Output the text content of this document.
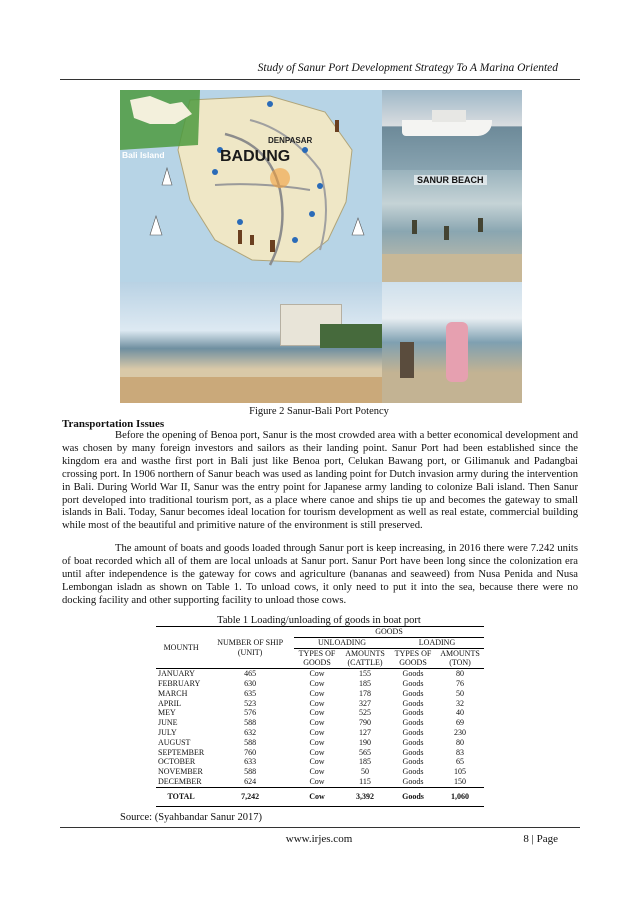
Study of Sanur Port Development Strategy To A Marina Oriented
BADUNG
Bali Island
DENPASAR
SANUR BEACH
Figure 2 Sanur-Bali Port Potency
Transportation Issues

Before the opening of Benoa port, Sanur is the most crowded area with a better economical development and was chosen by many foreign investors and sailors as their landing point. Sanur Port had been established since the kingdom era and wasthe first port in Bali just like Benoa port, Celukan Bawang port, or Gilimanuk and Padangbai crossing port. In 1906 northern of Sanur beach was used as landing point for Dutch invasion army during the intervention in Bali. During World War II, Sanur was the entry point for Japanese army landing to colonize Bali island. Then Sanur port developed into traditional tourism port, as a place where canoe and ships tie up and becomes the gateway to small islands in Bali. Today, Sanur becomes ideal location for tourism development as well as real estate, commercial building while most of the beautiful and primitive nature of the environment is still preserved.

The amount of boats and goods loaded through Sanur port is keep increasing, in 2016 there were 7.242 units of boat recorded which all of them are local unloads at Sanur port. Sanur Port have been long since the colonization era until after independence is the gateway for cows and agriculture (bananas and seaweed) from Nusa Penida and Nusa Lembongan isladn as shown on Table 1. To unload cows, it only need to put it into the sea, because there were no docking facility and other supporting facility to unload those cows.

Table 1 Loading/unloading of goods in boat port
MOUNTH	NUMBER OF SHIP (UNIT)	GOODS			
		UNLOADING		LOADING	
		TYPES OF GOODS	AMOUNTS (CATTLE)	TYPES OF GOODS	AMOUNTS (TON)
JANUARY	465	Cow	155	Goods	80
FEBRUARY	630	Cow	185	Goods	76
MARCH	635	Cow	178	Goods	50
APRIL	523	Cow	327	Goods	32
MEY	576	Cow	525	Goods	40
JUNE	588	Cow	790	Goods	69
JULY	632	Cow	127	Goods	230
AUGUST	588	Cow	190	Goods	80
SEPTEMBER	760	Cow	565	Goods	83
OCTOBER	633	Cow	185	Goods	65
NOVEMBER	588	Cow	50	Goods	105
DECEMBER	624	Cow	115	Goods	150
TOTAL	7,242	Cow	3,392	Goods	1,060
Source: (Syahbandar Sanur 2017)
www.irjes.com	8 | Page
